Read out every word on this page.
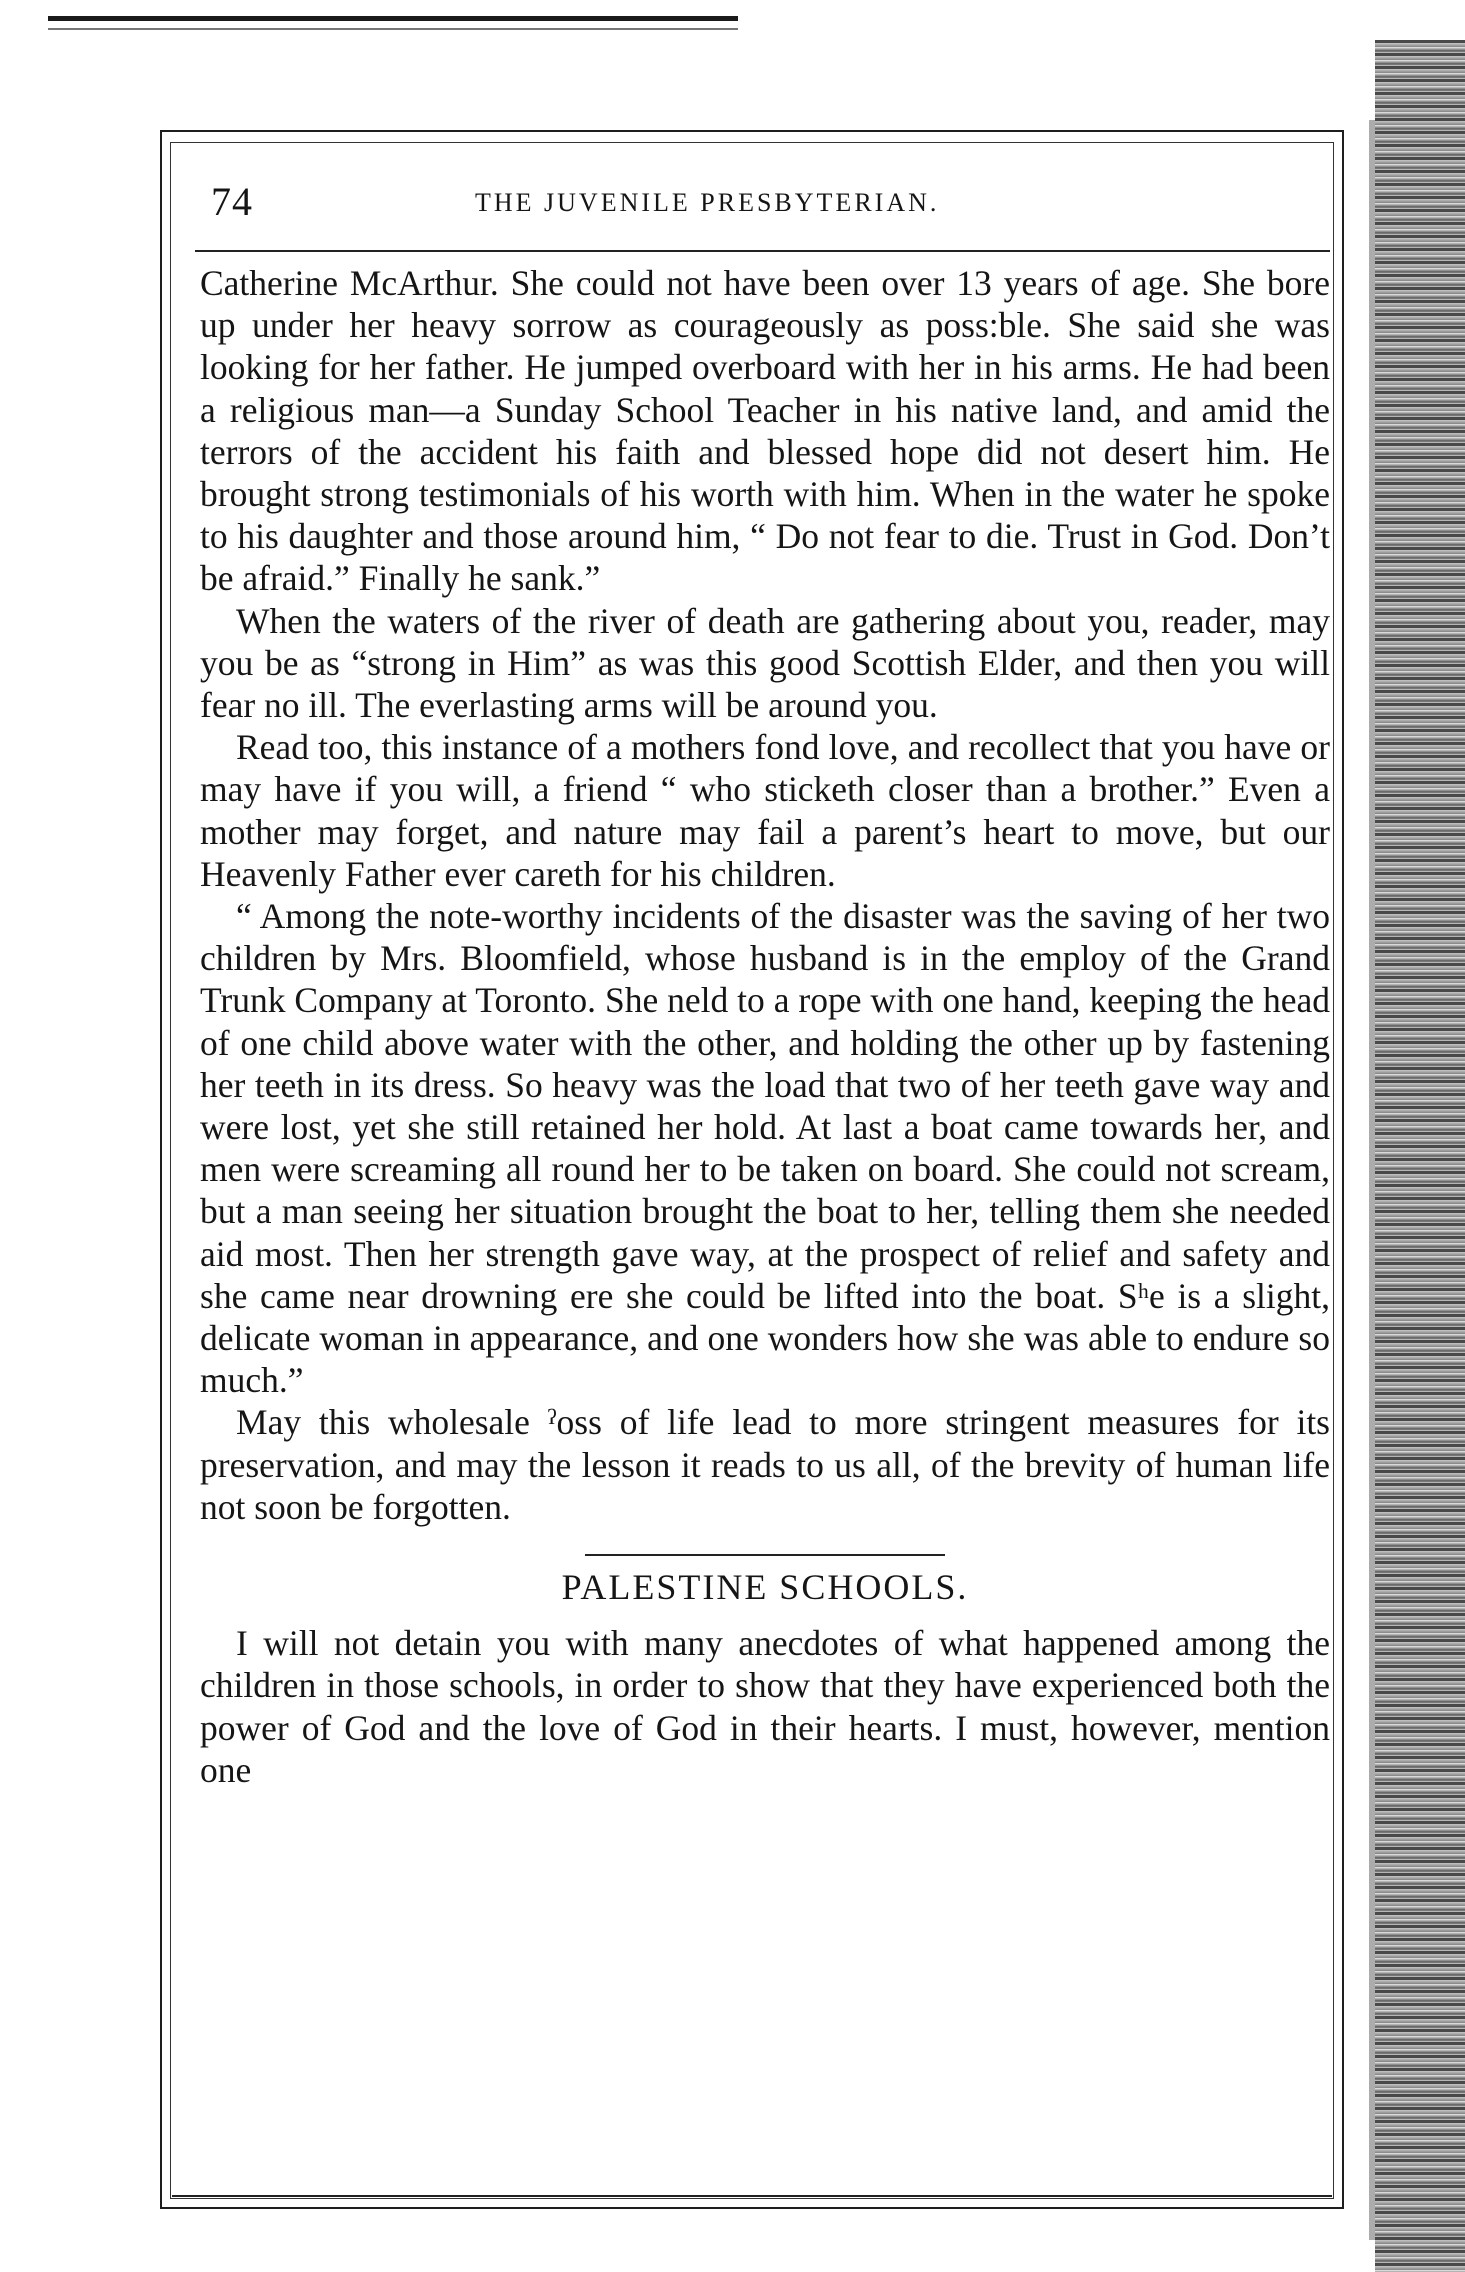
74	THE JUVENILE PRESBYTERIAN.

Catherine McArthur. She could not have been over 13 years of age. She bore up under her heavy sorrow as courageously as poss:ble. She said she was looking for her father. He jumped overboard with her in his arms. He had been a religious man—a Sunday School Teacher in his native land, and amid the terrors of the accident his faith and blessed hope did not desert him. He brought strong testimonials of his worth with him. When in the water he spoke to his daughter and those around him, “ Do not fear to die. Trust in God. Don’t be afraid.” Finally he sank.”

When the waters of the river of death are gathering about you, reader, may you be as “strong in Him” as was this good Scottish Elder, and then you will fear no ill. The everlasting arms will be around you.

Read too, this instance of a mothers fond love, and recollect that you have or may have if you will, a friend “ who sticketh closer than a brother.” Even a mother may forget, and nature may fail a parent’s heart to move, but our Heavenly Father ever careth for his children.

“ Among the note-worthy incidents of the disaster was the saving of her two children by Mrs. Bloomfield, whose husband is in the employ of the Grand Trunk Company at Toronto. She neld to a rope with one hand, keeping the head of one child above water with the other, and holding the other up by fastening her teeth in its dress. So heavy was the load that two of her teeth gave way and were lost, yet she still retained her hold. At last a boat came towards her, and men were screaming all round her to be taken on board. She could not scream, but a man seeing her situation brought the boat to her, telling them she needed aid most. Then her strength gave way, at the prospect of relief and safety and she came near drowning ere she could be lifted into the boat. Sʰe is a slight, delicate woman in appearance, and one wonders how she was able to endure so much.”

May this wholesale ˀoss of life lead to more stringent measures for its preservation, and may the lesson it reads to us all, of the brevity of human life not soon be forgotten.

PALESTINE SCHOOLS.

I will not detain you with many anecdotes of what happened among the children in those schools, in order to show that they have experienced both the power of God and the love of God in their hearts. I must, however, mention one
